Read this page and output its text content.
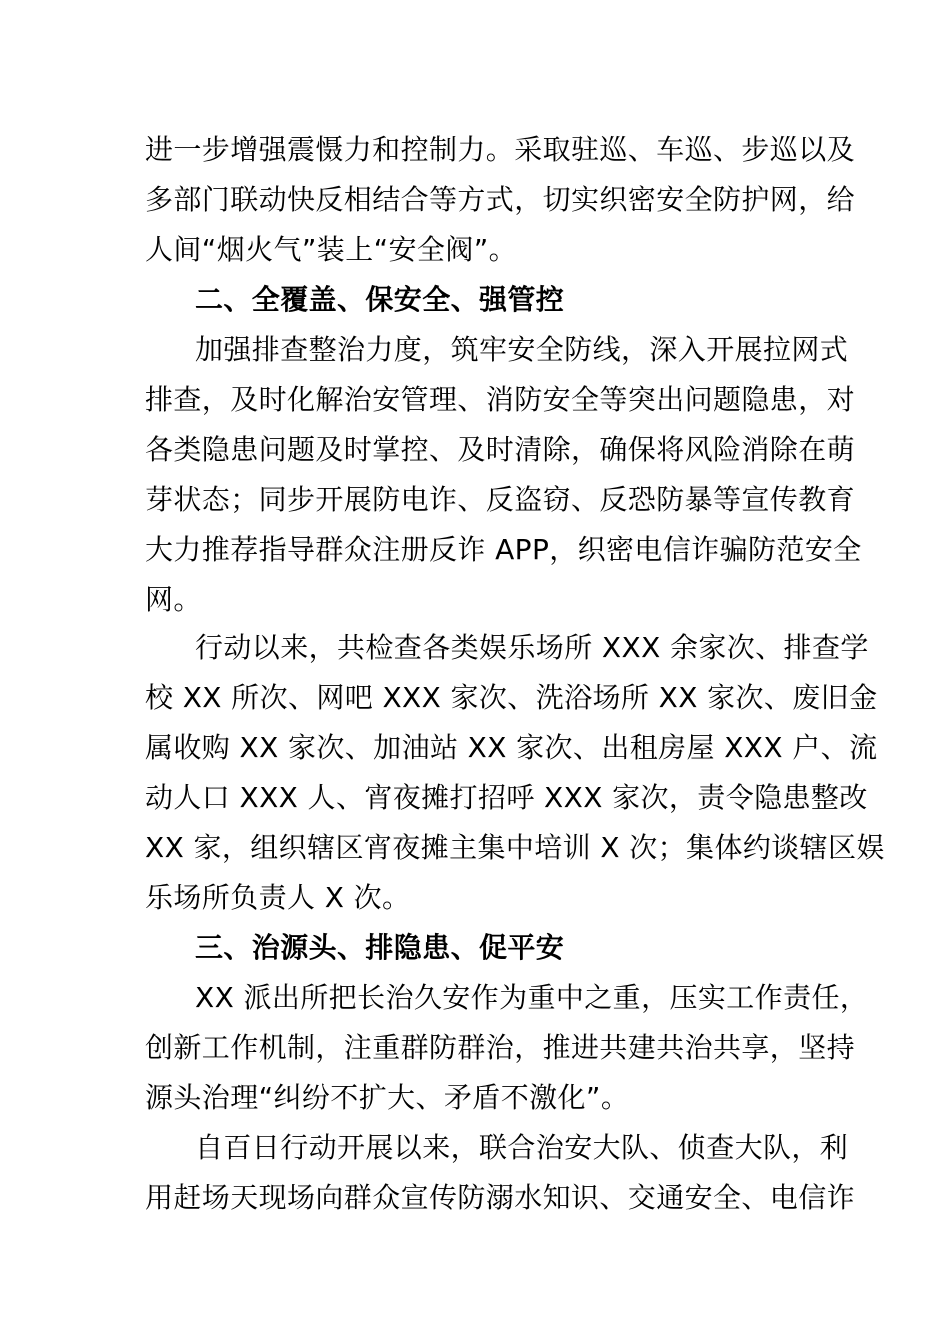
进一步增强震慑力和控制力。采取驻巡、车巡、步巡以及
多部门联动快反相结合等方式，切实织密安全防护网，给
人间“烟火气”装上“安全阀”。
二、全覆盖、保安全、强管控
加强排查整治力度，筑牢安全防线，深入开展拉网式
排查，及时化解治安管理、消防安全等突出问题隐患，对
各类隐患问题及时掌控、及时清除，确保将风险消除在萌
芽状态；同步开展防电诈、反盗窃、反恐防暴等宣传教育
大力推荐指导群众注册反诈 APP，织密电信诈骗防范安全
网。
行动以来，共检查各类娱乐场所 XXX 余家次、排查学
校 XX 所次、网吧 XXX 家次、洗浴场所 XX 家次、废旧金
属收购 XX 家次、加油站 XX 家次、出租房屋 XXX 户、流
动人口 XXX 人、宵夜摊打招呼 XXX 家次，责令隐患整改
XX 家，组织辖区宵夜摊主集中培训 X 次；集体约谈辖区娱
乐场所负责人 X 次。
三、治源头、排隐患、促平安
XX 派出所把长治久安作为重中之重，压实工作责任，
创新工作机制，注重群防群治，推进共建共治共享，坚持
源头治理“纠纷不扩大、矛盾不激化”。
自百日行动开展以来，联合治安大队、侦查大队，利
用赶场天现场向群众宣传防溺水知识、交通安全、电信诈
